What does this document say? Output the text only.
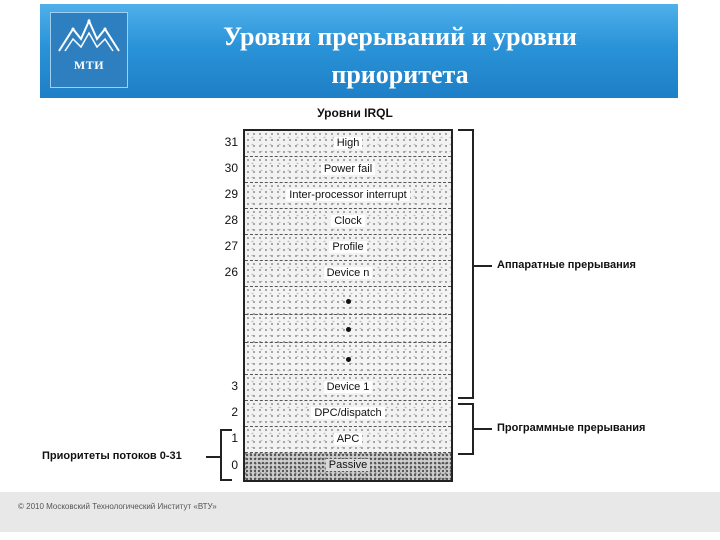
МТИ
Уровни прерываний и уровни
приоритета
Уровни IRQL
High
Power fail
Inter-processor interrupt
Clock
Profile
Device n
Device 1
DPC/dispatch
APC
Passive
31
30
29
28
27
26
3
2
1
0
Аппаратные прерывания
Программные прерывания
Приоритеты потоков 0-31
© 2010 Московский Технологический Институт «ВТУ»
